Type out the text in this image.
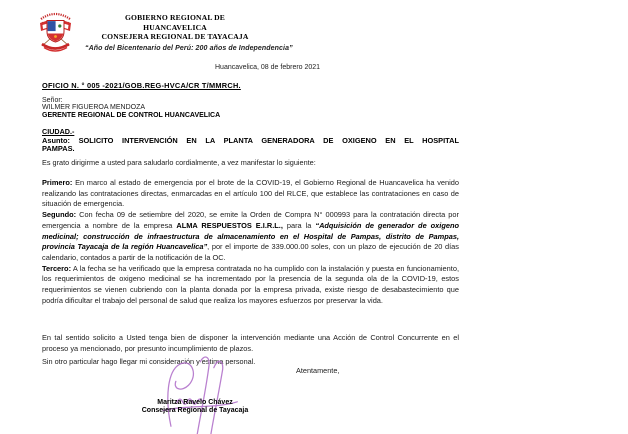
GOBIERNO REGIONAL DE HUANCAVELICA
CONSEJERA REGIONAL DE TAYACAJA
“Año del Bicentenario del Perú: 200 años de Independencia”
Huancavelica, 08 de febrero 2021
OFICIO N. ° 005 -2021/GOB.REG-HVCA/CR T/MMRCH.
Señor:
WILMER FIGUEROA MENDOZA
GERENTE REGIONAL DE CONTROL HUANCAVELICA
CIUDAD.-
Asunto: SOLICITO INTERVENCIÓN EN LA PLANTA GENERADORA DE OXIGENO EN EL HOSPITAL PAMPAS.
Es grato dirigirme a usted para saludarlo cordialmente, a vez manifestar lo siguiente:

Primero: En marco al estado de emergencia por el brote de la COVID-19, el Gobierno Regional de Huancavelica ha venido realizando las contrataciones directas, enmarcadas en el artículo 100 del RLCE, que establece las contrataciones en caso de situación de emergencia.

Segundo: Con fecha 09 de setiembre del 2020, se emite la Orden de Compra N° 000993 para la contratación directa por emergencia a nombre de la empresa ALMA RESPUESTOS E.I.R.L., para la “Adquisición de generador de oxigeno medicinal; construcción de infraestructura de almacenamiento en el Hospital de Pampas, distrito de Pampas, provincia Tayacaja de la región Huancavelica”, por el importe de 339.000.00 soles, con un plazo de ejecución de 20 días calendario, contados a partir de la notificación de la OC.

Tercero: A la fecha se ha verificado que la empresa contratada no ha cumplido con la instalación y puesta en funcionamiento, los requerimientos de oxigeno medicinal se ha incrementado por la presencia de la segunda ola de la COVID-19, estos requerimientos se vienen cubriendo con la planta donada por la empresa privada, existe riesgo de desabastecimiento que podría dificultar el trabajo del personal de salud que realiza los mayores esfuerzos por preservar la vida.

En tal sentido solicito a Usted tenga bien de disponer la intervención mediante una Acción de Control Concurrente en el proceso ya mencionado, por presunto incumplimiento de plazos.
Sin otro particular hago llegar mi consideración y estima personal.
Atentamente,
Maritza Ravelo Chávez
Consejera Regional de Tayacaja
